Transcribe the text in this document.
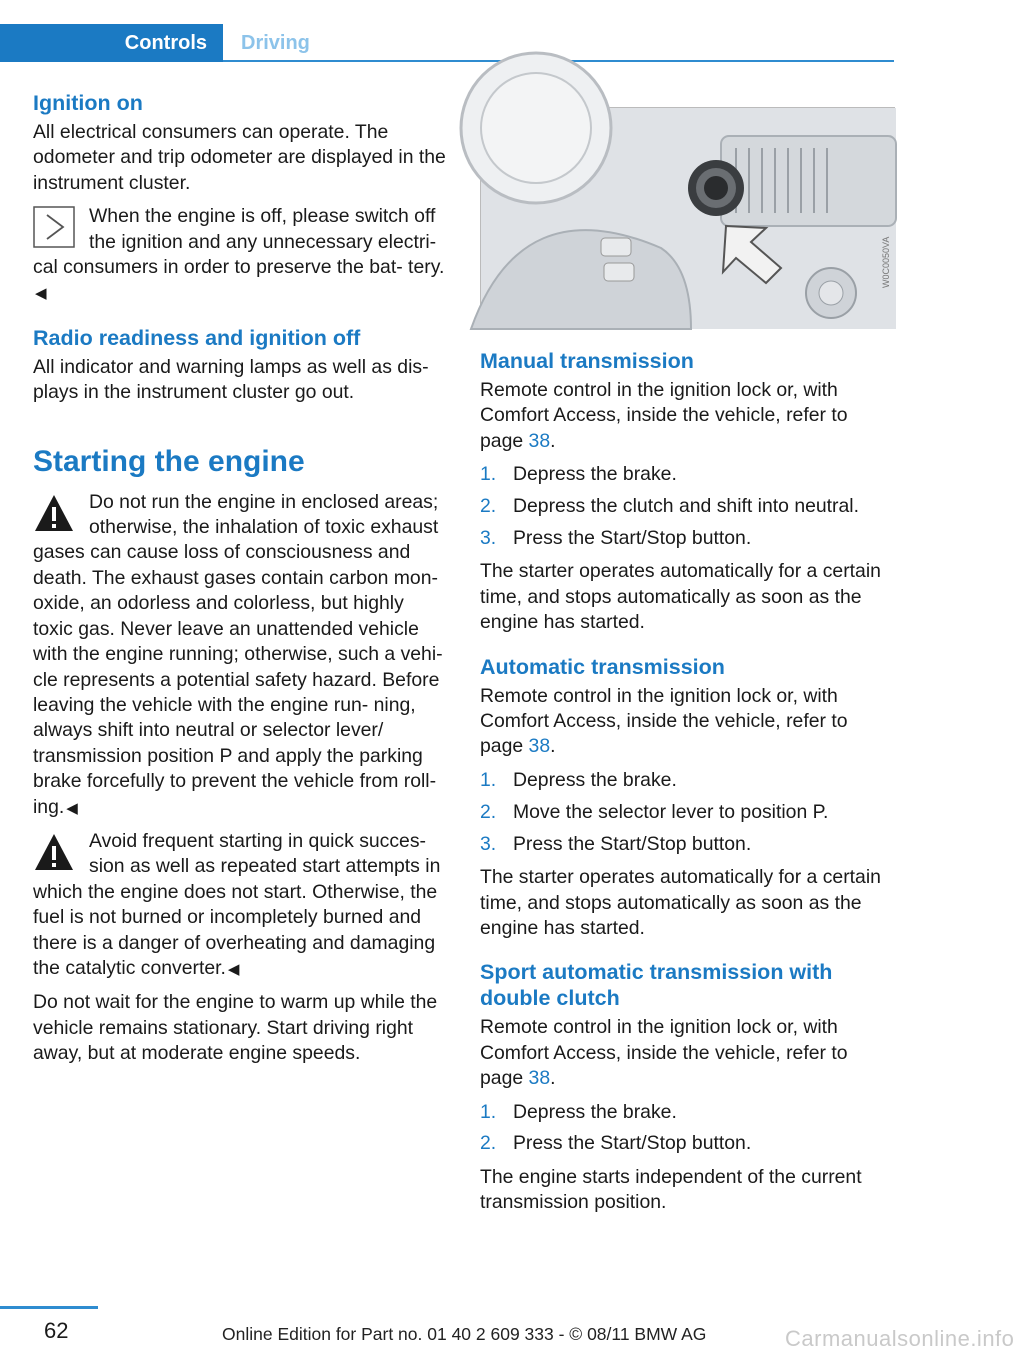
Controls Driving
Ignition on

All electrical consumers can operate. The odometer and trip odometer are displayed in the instrument cluster.

When the engine is off, please switch off the ignition and any unnecessary electri- cal consumers in order to preserve the bat- tery.◀
Radio readiness and ignition off

All indicator and warning lamps as well as dis- plays in the instrument cluster go out.

Starting the engine
Do not run the engine in enclosed areas; otherwise, the inhalation of toxic exhaust gases can cause loss of consciousness and death. The exhaust gases contain carbon mon- oxide, an odorless and colorless, but highly toxic gas. Never leave an unattended vehicle with the engine running; otherwise, such a vehi- cle represents a potential safety hazard. Before leaving the vehicle with the engine run- ning, always shift into neutral or selector lever/ transmission position P and apply the parking brake forcefully to prevent the vehicle from roll- ing. ◀
Avoid frequent starting in quick succes- sion as well as repeated start attempts in which the engine does not start. Otherwise, the fuel is not burned or incompletely burned and there is a danger of overheating and damaging the catalytic converter. ◀

Do not wait for the engine to warm up while the vehicle remains stationary. Start driving right away, but at moderate engine speeds.

W0C0050VA
Manual transmission

Remote control in the ignition lock or, with Comfort Access, inside the vehicle, refer to page 38.

1. Depress the brake.
2. Depress the clutch and shift into neutral.
3. Press the Start/Stop button.

The starter operates automatically for a certain time, and stops automatically as soon as the engine has started.

Automatic transmission

Remote control in the ignition lock or, with Comfort Access, inside the vehicle, refer to page 38.

1. Depress the brake.
2. Move the selector lever to position P.
3. Press the Start/Stop button.

The starter operates automatically for a certain time, and stops automatically as soon as the engine has started.

Sport automatic transmission with double clutch

Remote control in the ignition lock or, with Comfort Access, inside the vehicle, refer to page 38.

1. Depress the brake.
2. Press the Start/Stop button.

The engine starts independent of the current transmission position.

62	Online Edition for Part no. 01 40 2 609 333 - © 08/11 BMW AG	Carmanualsonline.info
